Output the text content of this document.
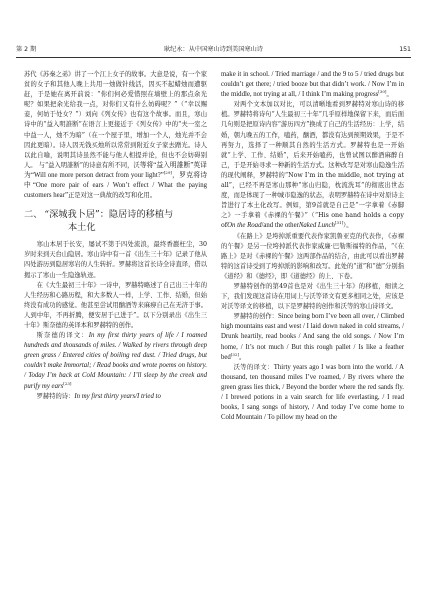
第 2 期	耿纪永：从中国寒山诗到美国寒山诗	151

苏代《苏秦之弟》讲了一个江上女子的故事。大意是说，有一个家贫的女子和其他人晚上共用一烛做针线活，因买不起蜡烛而遭驱赶，于是她在离开前说：“你们何必爱惜照在墙壁上的那点余光呢？如果把余光给我一点，对你们又有什么妨碍呢？”（“幸以赐妾，何妨于处女？”）刘向《列女传》也有这个故事。而且，寒山诗中的“益入明誰断”在语言上更接近于《列女传》中的“夫一室之中益一人，烛不为暗”（在一个屋子里，增加一个人，烛光并不会因此更暗）。诗人因无钱买烛所以常常到附近女子家去蹭光。诗人以此自喻，说明其诗虽然不能与他人相提并论，但也不会妨碍别人。 与“益入明誰断”的诗意有所不同，沃等将“益入明誰断”英译为“Will one more person detract from your light?”[29]，罗克将诗中“One more pair of ears / Won’t effect / What the paying customers hear”正是对这一典故的改写和化用。

二、 “深城我卜居”：隐居诗的移植与
本土化

寒山本居于长安，屡试不第于四处流浪，最终香巖枉尘，30岁时来到天台山隐居。寒山诗中有一首《出生三十年》记录了他从四处游历到隐居寒岩的人生转折。罗赫将这首长诗全诗直译，借以揭示了寒山一生隐逸轨迹。

在《大生最初三十年》一诗中，罗赫特略述了自己出三十年的人生经历和心路历程，和大多数人一样，上学、工作、结婚，但始终没有成功的感觉。他甚至尝试用酗酒等来麻痹自己在无济于事。人到中年，不再折腾，便安居于已进于”。以下分别录出《出生三十年》斯奈德的英译本和罗赫特的创作。

斯奈德的译文：In my first thirty years of life / I roamed hundreds and thousands of miles. / Walked by rivers through deep green grass / Entered cities of boiling red dust. / Tried drugs, but couldn’t make Immortal; / Read books and wrote poems on history. / Today I’m back at Cold Mountain: / I’ll sleep by the creek and purify my ears[23]

罗赫特的诗：In my first thirty years/I tried to

make it in school. / Tried marriage / and the 9 to 5 / tried drugs but couldn’t get there; / tried booze but that didn’t work. / Now I’m in the middle, not trying at all, / I think I’m making progress[30]。

对两个文本加以对比，可以清晰地看到罗赫特对寒山诗的移植。罗赫特将诗句“人生最初三十年”几乎原样地保留下来，而后面几句则是把原诗内容“游历四方”换成了自己的生活经历：上学，结婚，朝九晚五的工作，嗑药，酗酒，都没有达到预期效果，于是不再努力，选择了一种顺其自然的生活方式。罗赫特也是一开始就“上学、工作、结婚”，后来开始嗑药，也曾试图以醉酒麻醉自己，于是开始寻求一种新的生活方式。这种改写是对寒山隐逸生活的现代阐释，罗赫特的“Now I’m in the middle, not trying at all”，已经不再是寒山那种“寒山归隐，枕流洗耳”的彻底出世态度，而是体现了一种城市隐逸的状态，表明罗赫特在诗中对原诗主旨进行了本土化改写。例如，第9首就是自己是“一字拿着《赤脚之》一手拿着《赤裸的午餐》”（“His one hand holds a copy ofOn the Road/and the otherNaked Lunch[31]）。

《在路上》是垮掉派重要代表作家凯鲁亚克的代表作，《赤裸的午餐》是另一位垮掉派代表作家威廉·巴勒斯福特的作品，“《在路上》是对《赤裸的午餐》这两部作品的结合，由此可以看出罗赫特的这首诗受到了垮掉派的影响和改写。此处的“道”和“德”分别指《道经》和《德经》，即《道德经》的上、下卷。

罗赫特创作的第49首也是对《出生三十年》的移植，细读之下，我们发现这首诗在用词上与沃等译文有更多相同之处，应该是对沃等译文的移植，以下是罗赫特的创作和沃等的寒山诗译文。

罗赫特的创作：Since being born I’ve been all over, / Climbed high mountains east and west / I laid down naked in cold streams, / Drunk heartily, read books / And sang the old songs. / Now I’m home, / It’s not much / But this rough pallet / Is like a feather bed[32]。

沃等的译文：Thirty years ago I was born into the world. / A thousand, ten thousand miles I’ve roamed, / By rivers where the green grass lies thick, / Beyond the border where the red sands fly. / I brewed potions in a vain search for life everlasting, / I read books, I sang songs of history, / And today I’ve come home to Cold Mountain / To pillow my head on the
